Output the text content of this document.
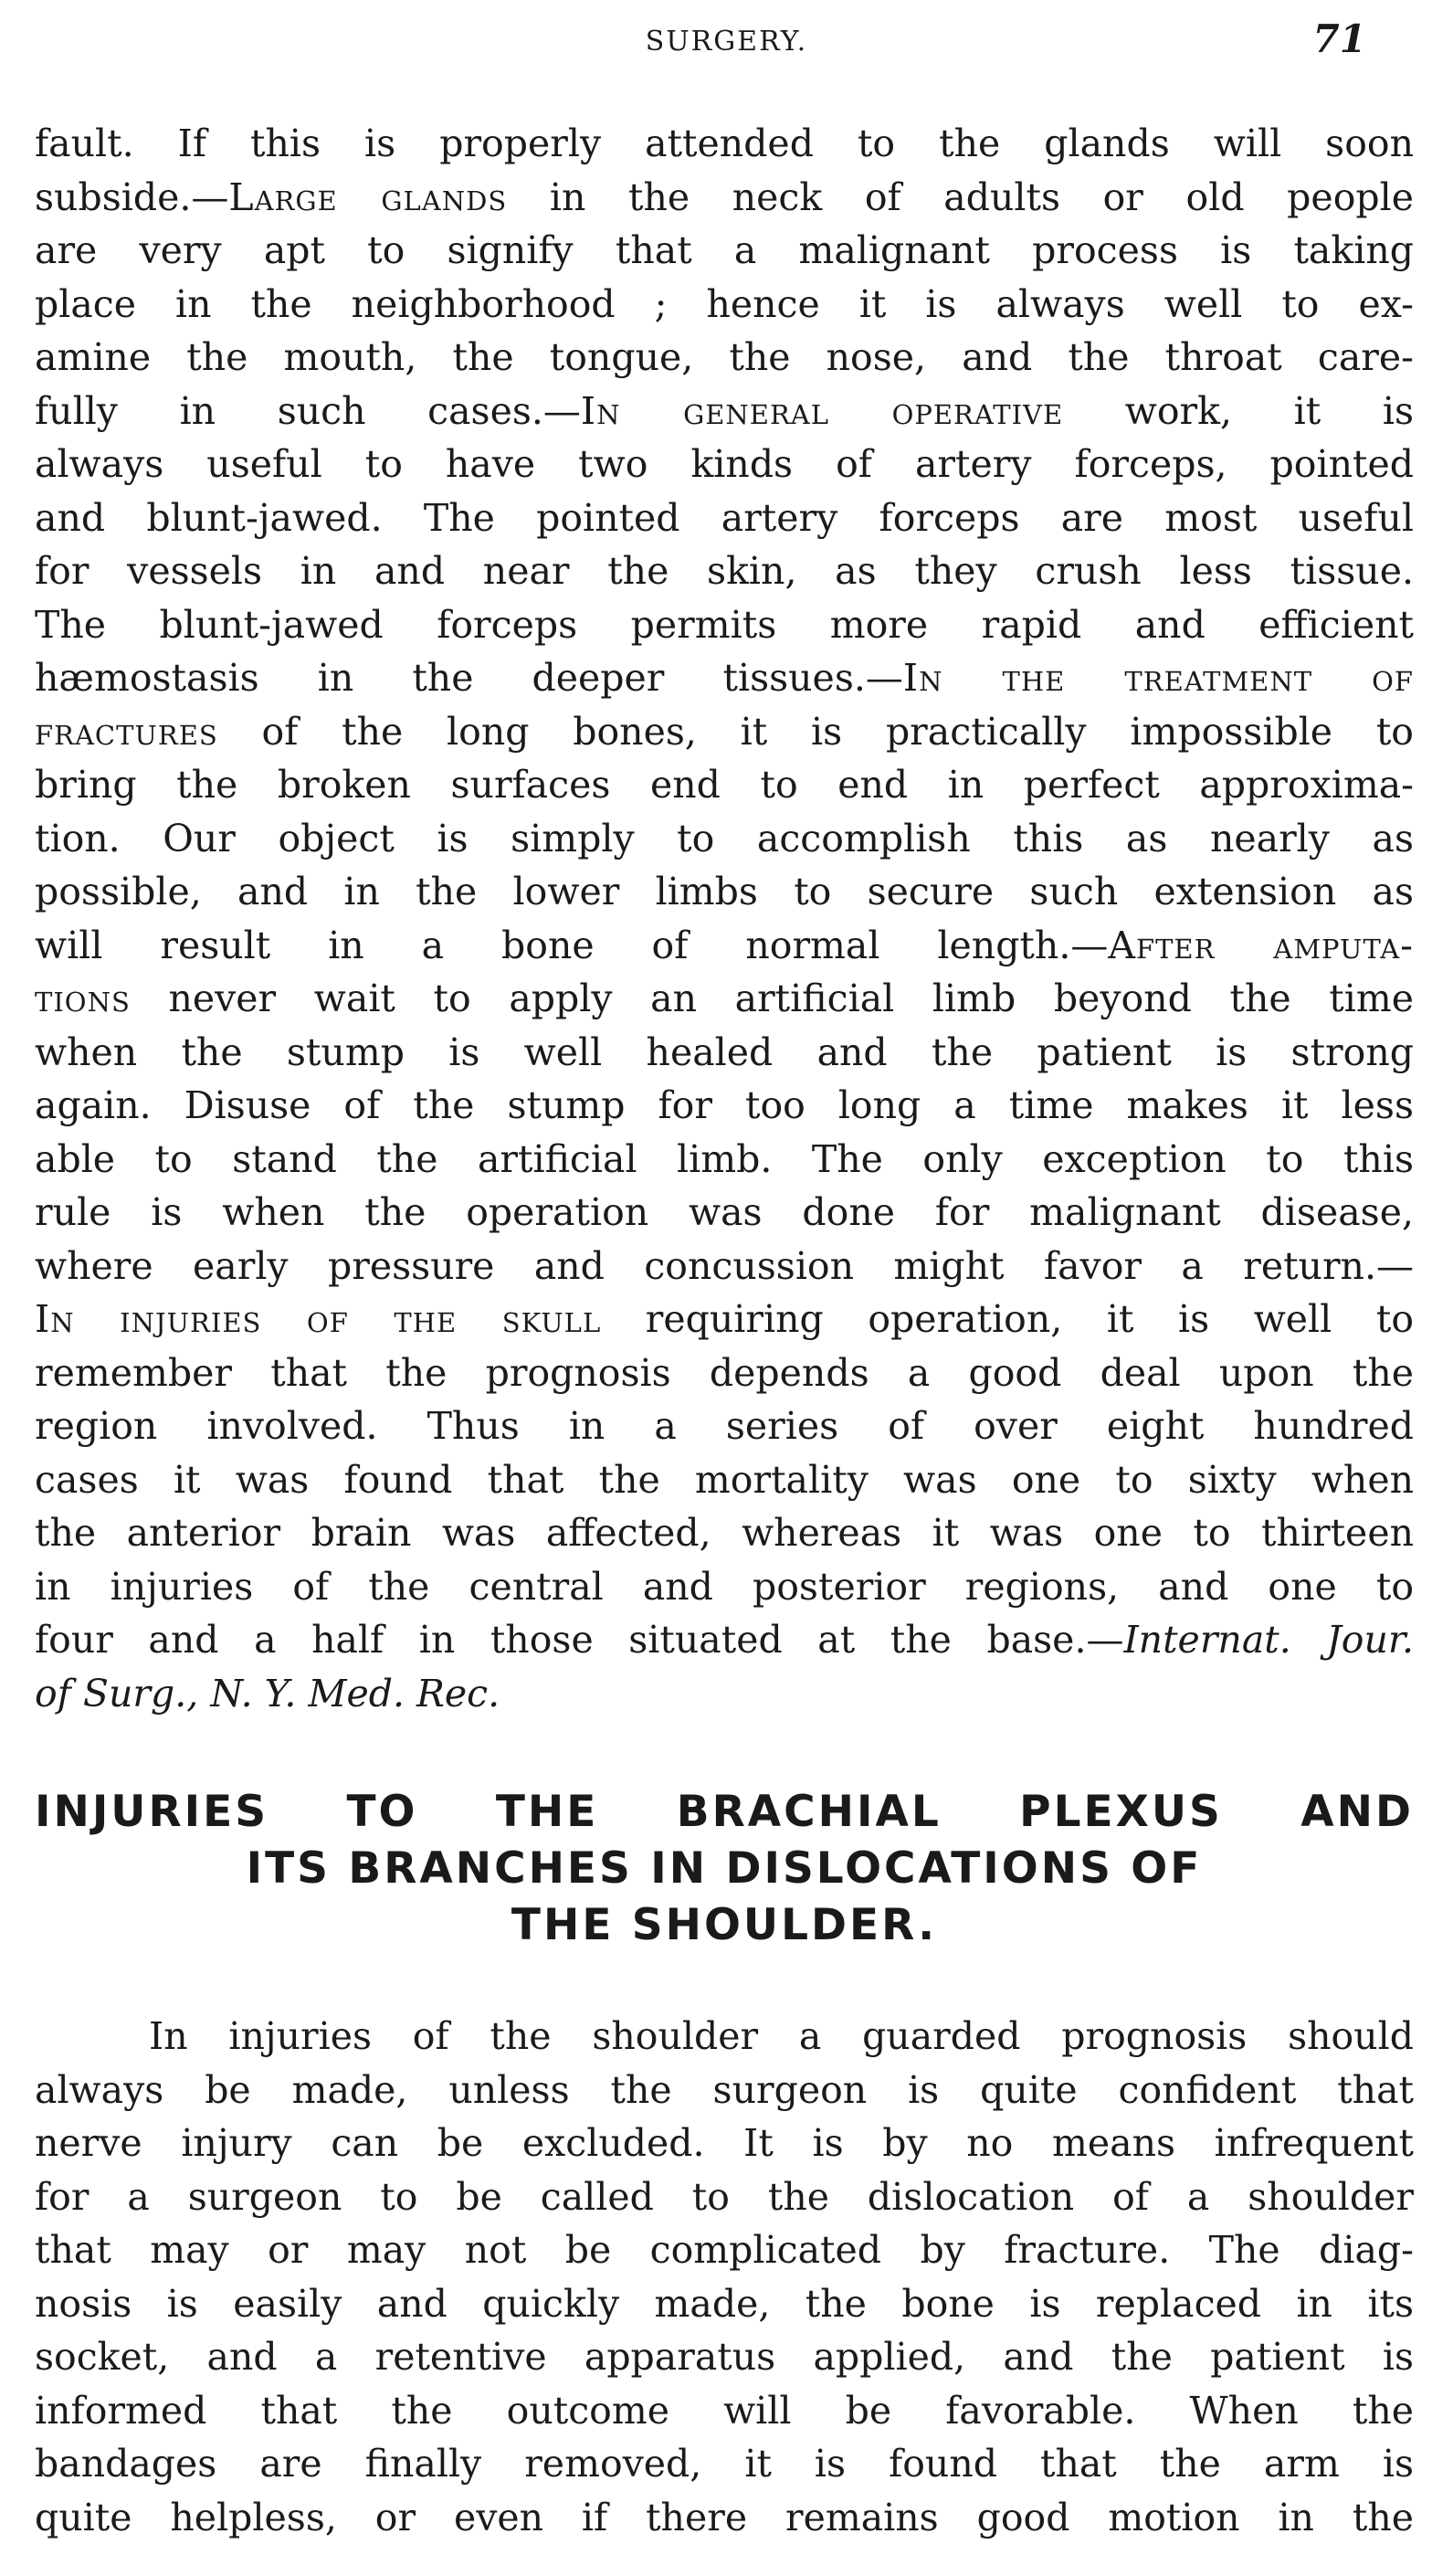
SURGERY.	71
fault. If this is properly attended to the glands will soon
subside.—Large glands in the neck of adults or old people
are very apt to signify that a malignant process is taking
place in the neighborhood ; hence it is always well to ex-
amine the mouth, the tongue, the nose, and the throat care-
fully in such cases.—In general operative work, it is
always useful to have two kinds of artery forceps, pointed
and blunt-jawed. The pointed artery forceps are most useful
for vessels in and near the skin, as they crush less tissue.
The blunt-jawed forceps permits more rapid and efficient
hæmostasis in the deeper tissues.—In the treatment of
fractures of the long bones, it is practically impossible to
bring the broken surfaces end to end in perfect approxima-
tion. Our object is simply to accomplish this as nearly as
possible, and in the lower limbs to secure such extension as
will result in a bone of normal length.—After amputa-
tions never wait to apply an artificial limb beyond the time
when the stump is well healed and the patient is strong
again. Disuse of the stump for too long a time makes it less
able to stand the artificial limb. The only exception to this
rule is when the operation was done for malignant disease,
where early pressure and concussion might favor a return.—
In injuries of the skull requiring operation, it is well to
remember that the prognosis depends a good deal upon the
region involved. Thus in a series of over eight hundred
cases it was found that the mortality was one to sixty when
the anterior brain was affected, whereas it was one to thirteen
in injuries of the central and posterior regions, and one to
four and a half in those situated at the base.—Internat. Jour.
of Surg., N. Y. Med. Rec.
INJURIES TO THE BRACHIAL PLEXUS AND
ITS BRANCHES IN DISLOCATIONS OF
THE SHOULDER.
In injuries of the shoulder a guarded prognosis should
always be made, unless the surgeon is quite confident that
nerve injury can be excluded. It is by no means infrequent
for a surgeon to be called to the dislocation of a shoulder
that may or may not be complicated by fracture. The diag-
nosis is easily and quickly made, the bone is replaced in its
socket, and a retentive apparatus applied, and the patient is
informed that the outcome will be favorable. When the
bandages are finally removed, it is found that the arm is
quite helpless, or even if there remains good motion in the
